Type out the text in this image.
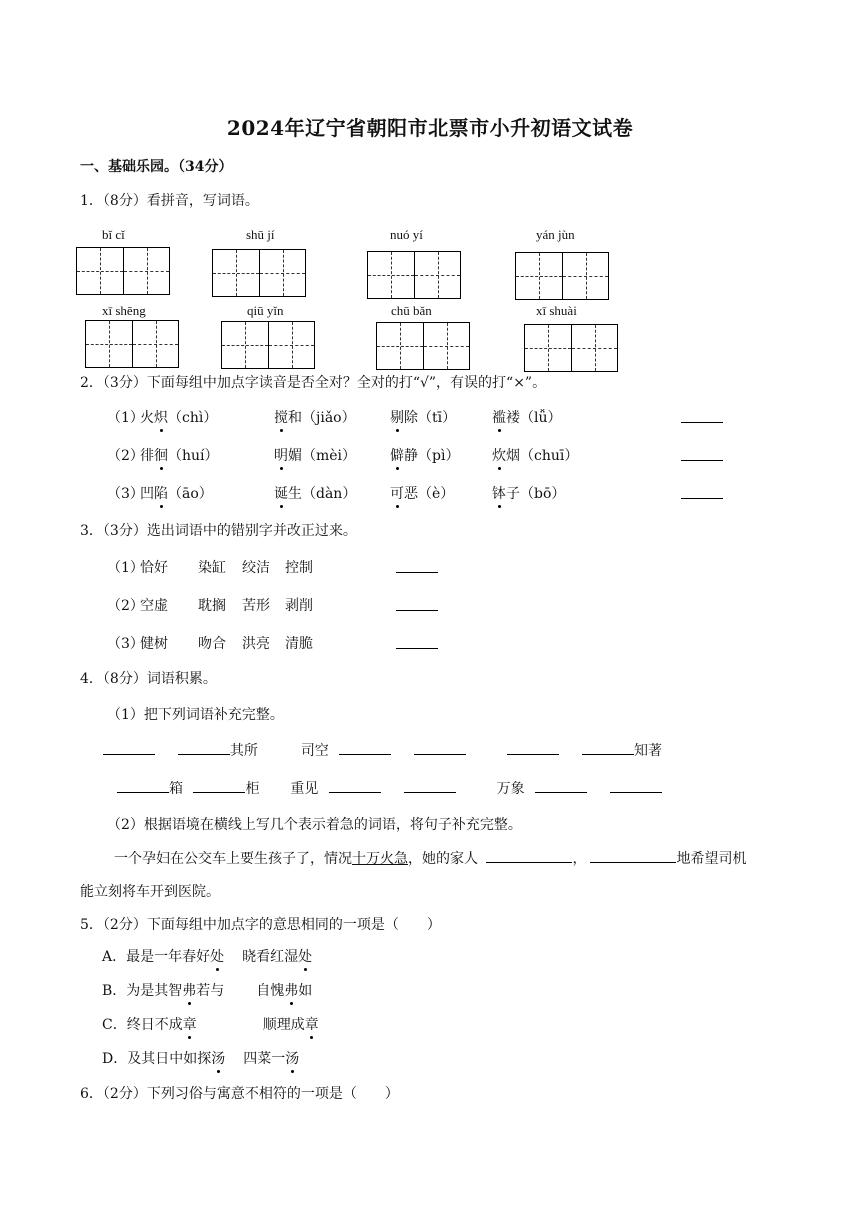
2024年辽宁省朝阳市北票市小升初语文试卷
一、基础乐园。（34分）
1．（8分）看拼音，写词语。
bǐ cǐ	shū jí	nuó yí	yán jùn
xī shēng	qiū yǐn	chū bǎn	xī shuài
2．（3分）下面每组中加点字读音是否全对？全对的打“√”，有误的打“×”。
（1）
火炽（chì）	搅和（jiǎo） 剔除（tī）	褴褛（lǚ）
（2）
徘徊（huí）	明媚（mèi） 僻静（pì） 炊烟（chuī）
（3）
凹陷（āo）	诞生（dàn） 可恶（è）	钵子（bō）
3．（3分）选出词语中的错别字并改正过来。
（1）
恰好 染缸 绞洁 控制
（2）
空虚 耽搁 苦形 剥削
（3）
健树 吻合 洪亮 清脆
4．（8分）词语积累。
（1）把下列词语补充完整。
其所	司空	知著
箱	柜 重见	万象
（2）根据语境在横线上写几个表示着急的词语，将句子补充完整。
一个孕妇在公交车上要生孩子了，情况十万火急，她的家人	，	地希望司机
能立刻将车开到医院。
5．（2分）下面每组中加点字的意思相同的一项是（　　）
A．最是一年春好处 晓看红湿处
B．为是其智弗若与 自愧弗如
C．终日不成章	顺理成章
D．及其日中如探汤 四菜一汤
6．（2分）下列习俗与寓意不相符的一项是（　　）
